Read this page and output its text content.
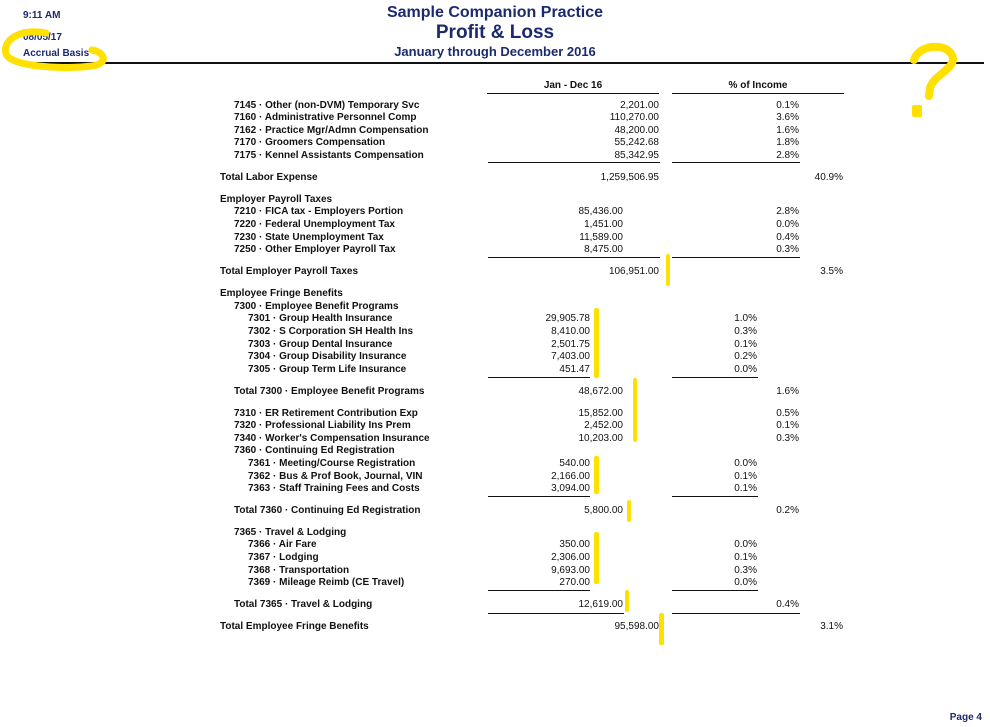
9:11 AM
08/05/17
Accrual Basis
Sample Companion Practice
Profit & Loss
January through December 2016
Jan - Dec 16	% of Income
7145 · Other (non-DVM) Temporary Svc	2,201.00	0.1%
7160 · Administrative Personnel Comp	110,270.00	3.6%
7162 · Practice Mgr/Admn Compensation	48,200.00	1.6%
7170 · Groomers Compensation	55,242.68	1.8%
7175 · Kennel Assistants Compensation	85,342.95	2.8%
Total Labor Expense	1,259,506.95	40.9%
Employer Payroll Taxes
7210 · FICA tax - Employers Portion	85,436.00	2.8%
7220 · Federal Unemployment Tax	1,451.00	0.0%
7230 · State Unemployment Tax	11,589.00	0.4%
7250 · Other Employer Payroll Tax	8,475.00	0.3%
Total Employer Payroll Taxes	106,951.00	3.5%
Employee Fringe Benefits
7300 · Employee Benefit Programs
7301 · Group Health Insurance	29,905.78	1.0%
7302 · S Corporation SH Health Ins	8,410.00	0.3%
7303 · Group Dental Insurance	2,501.75	0.1%
7304 · Group Disability Insurance	7,403.00	0.2%
7305 · Group Term Life Insurance	451.47	0.0%
Total 7300 · Employee Benefit Programs	48,672.00	1.6%
7310 · ER Retirement Contribution Exp	15,852.00	0.5%
7320 · Professional Liability Ins Prem	2,452.00	0.1%
7340 · Worker's Compensation Insurance	10,203.00	0.3%
7360 · Continuing Ed Registration
7361 · Meeting/Course Registration	540.00	0.0%
7362 · Bus & Prof Book, Journal, VIN	2,166.00	0.1%
7363 · Staff Training Fees and Costs	3,094.00	0.1%
Total 7360 · Continuing Ed Registration	5,800.00	0.2%
7365 · Travel & Lodging
7366 · Air Fare	350.00	0.0%
7367 · Lodging	2,306.00	0.1%
7368 · Transportation	9,693.00	0.3%
7369 · Mileage Reimb (CE Travel)	270.00	0.0%
Total 7365 · Travel & Lodging	12,619.00	0.4%
Total Employee Fringe Benefits	95,598.00	3.1%
Page 4
